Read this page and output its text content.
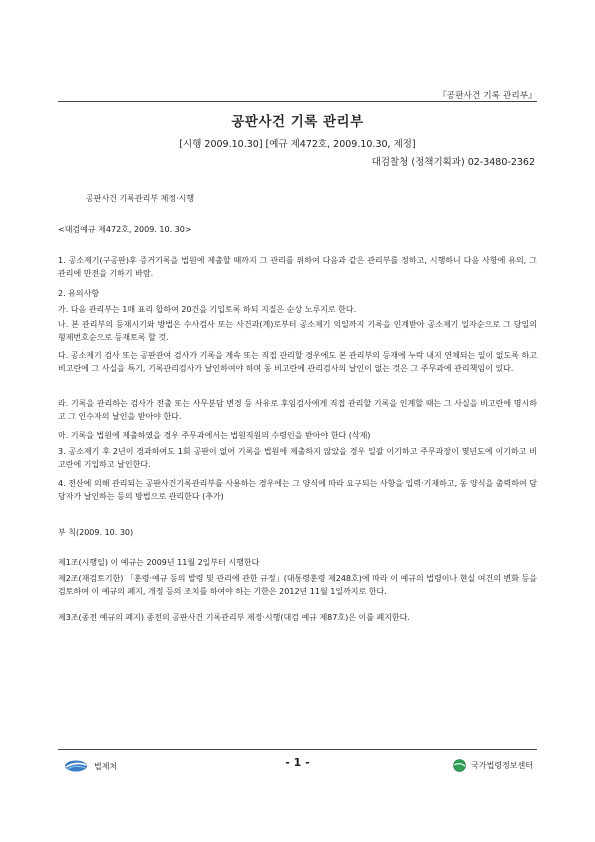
『공판사건 기록 관리부』
공판사건 기록 관리부
[시행 2009.10.30] [예규 제472호, 2009.10.30, 제정]
대검찰청 (정책기획과) 02-3480-2362
공판사건 기록관리부 제정·시행
<대검예규 제472호, 2009. 10. 30>
1. 공소제기(구공판)후 증거기록을 법원에 제출할 때까지 그 관리를 위하여 다음과 같은 관리부를 정하고, 시행하니 다음 사항에 유의, 그 관리에 만전을 기하기 바람.
2. 유의사항
가. 다음 관리부는 1매 표리 합하여 20건을 기입토록 하되 지질은 순상 노루지로 한다.
나. 본 관리부의 등재시기와 방법은 수사검사 또는 사건과(계)로부터 공소제기 익일까지 기록을 인계받아 공소제기 일자순으로 그 당일의 형제번호순으로 등재토록 할 것.
다. 공소제기 검사 또는 공판관여 검사가 기록을 계속 또는 직접 관리할 경우에도 본 관리부의 등재에 누락 내지 연체되는 일이 없도록 하고 비고란에 그 사실을 특기, 기록관리검사가 날인하여야 하며 동 비고란에 관리검사의 날인이 없는 것은 그 주무과에 관리책임이 있다.
라. 기록을 관리하는 검사가 전출 또는 사무분담 변경 등 사유로 후임검사에게 직접 관리할 기록을 인계할 때는 그 사실을 비고란에 명시하고 그 인수자의 날인을 받아야 한다.
마. 기록을 법원에 제출하였을 경우 주무과에서는 법원직원의 수령인을 받아야 한다 (삭제)
3. 공소제기 후 2년이 경과하여도 1회 공판이 없어 기록을 법원에 제출하지 않았을 경우 일괄 이기하고 주무과장이 몇년도에 이기하고 비고란에 기입하고 날인한다.
4. 전산에 의해 관리되는 공판사건기록관리부를 사용하는 경우에는 그 양식에 따라 요구되는 사항을 입력·기재하고, 동 양식을 출력하여 담당자가 날인하는 등의 방법으로 관리한다 (추가)
부 칙(2009. 10. 30)
제1조(시행일) 이 예규는 2009년 11월 2일부터 시행한다
제2조(재검토기한) 「훈령·예규 등의 발령 및 관리에 관한 규정」(대통령훈령 제248호)에 따라 이 예규의 법령이나 현실 여건의 변화 등을 검토하여 이 예규의 폐지, 개정 등의 조치를 하여야 하는 기한은 2012년 11월 1일까지로 한다.
제3조(종전 예규의 폐지) 종전의 공판사건 기록관리부 제정·시행(대검 예규 제87호)은 이를 폐지한다.
법제처	- 1 -	국가법령정보센터
